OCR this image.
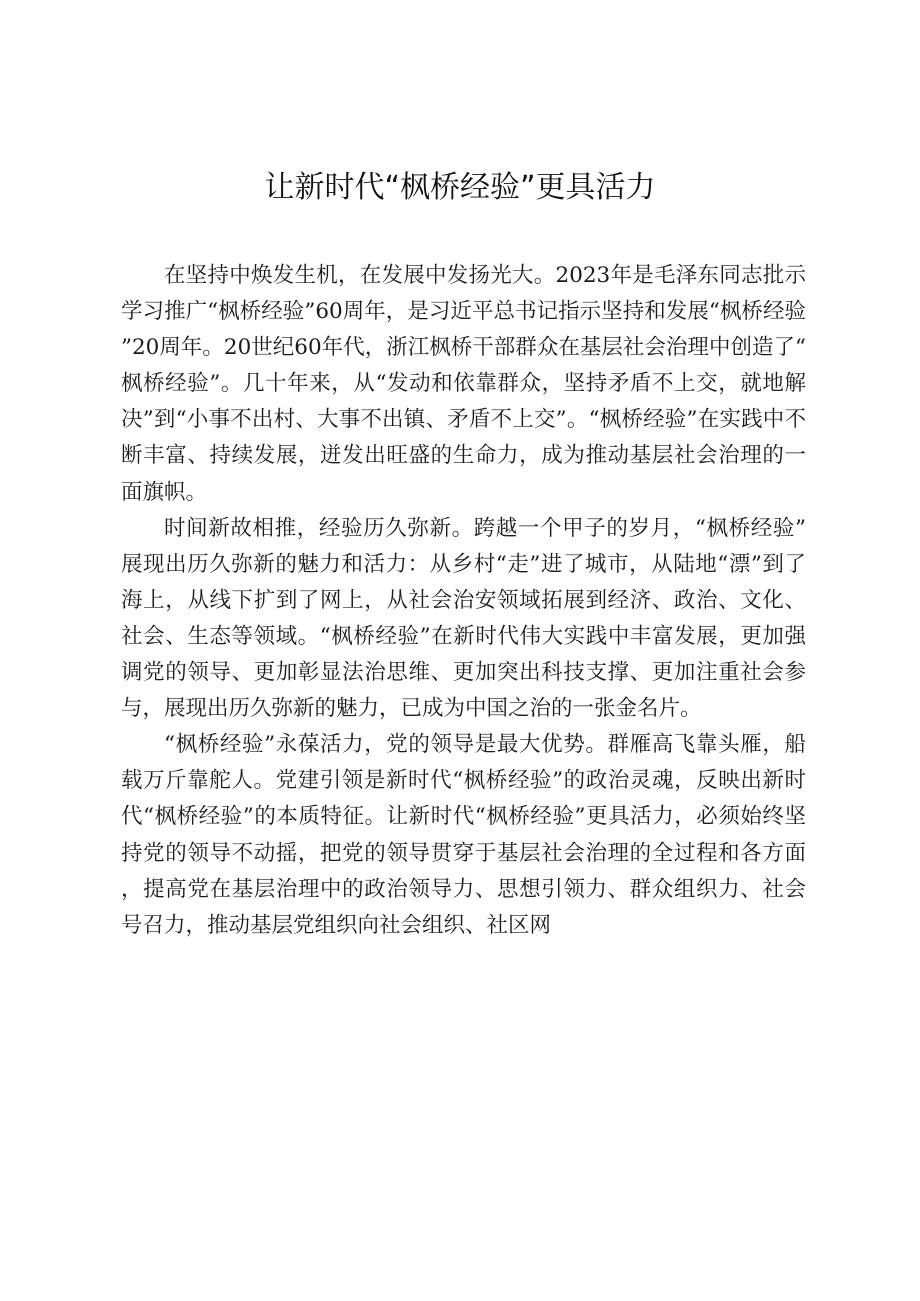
让新时代“枫桥经验”更具活力

在坚持中焕发生机，在发展中发扬光大。2023年是毛泽东同志批示学习推广“枫桥经验”60周年，是习近平总书记指示坚持和发展“枫桥经验”20周年。20世纪60年代，浙江枫桥干部群众在基层社会治理中创造了“枫桥经验”。几十年来，从“发动和依靠群众，坚持矛盾不上交，就地解决”到“小事不出村、大事不出镇、矛盾不上交”。“枫桥经验”在实践中不断丰富、持续发展，迸发出旺盛的生命力，成为推动基层社会治理的一面旗帜。

时间新故相推，经验历久弥新。跨越一个甲子的岁月，“枫桥经验”展现出历久弥新的魅力和活力：从乡村“走”进了城市，从陆地“漂”到了海上，从线下扩到了网上，从社会治安领域拓展到经济、政治、文化、社会、生态等领域。“枫桥经验”在新时代伟大实践中丰富发展，更加强调党的领导、更加彰显法治思维、更加突出科技支撑、更加注重社会参与，展现出历久弥新的魅力，已成为中国之治的一张金名片。

“枫桥经验”永葆活力，党的领导是最大优势。群雁高飞靠头雁，船载万斤靠舵人。党建引领是新时代“枫桥经验”的政治灵魂，反映出新时代“枫桥经验”的本质特征。让新时代“枫桥经验”更具活力，必须始终坚持党的领导不动摇，把党的领导贯穿于基层社会治理的全过程和各方面，提高党在基层治理中的政治领导力、思想引领力、群众组织力、社会号召力，推动基层党组织向社会组织、社区网
